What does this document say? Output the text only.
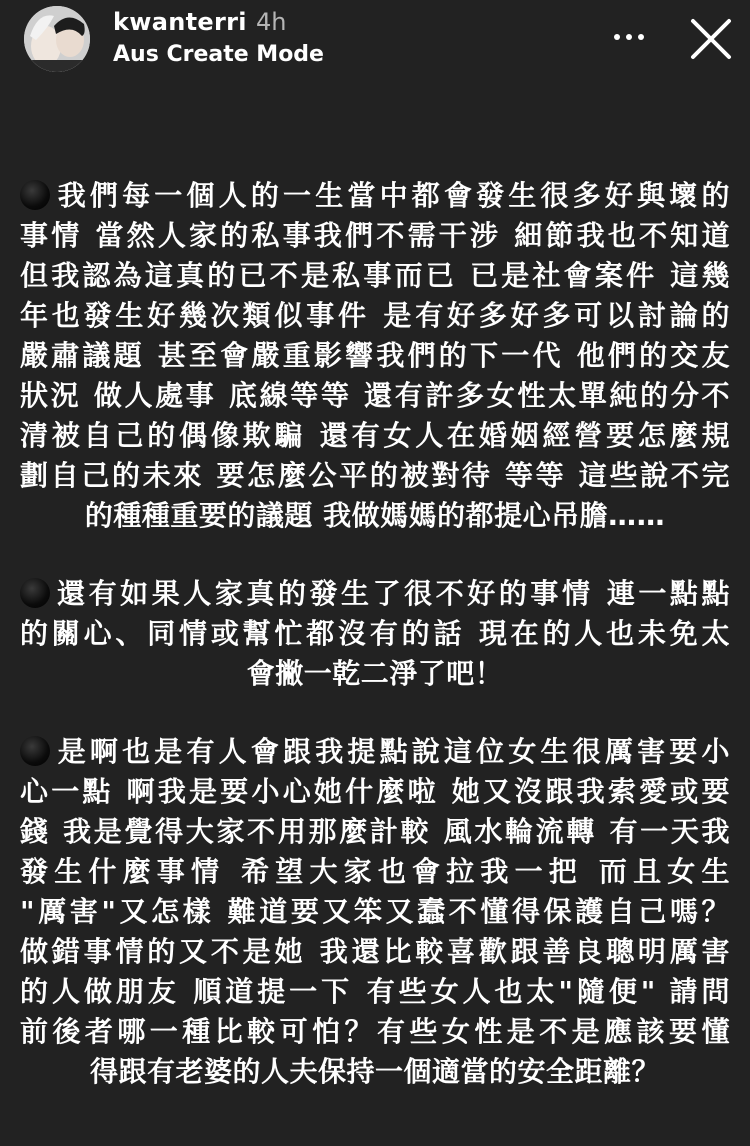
kwanterri 4h
Aus Create Mode
我們每一個人的一生當中都會發生很多好與壞的
事情 當然人家的私事我們不需干涉 細節我也不知道
但我認為這真的已不是私事而已 已是社會案件 這幾
年也發生好幾次類似事件 是有好多好多可以討論的
嚴肅議題 甚至會嚴重影響我們的下一代 他們的交友
狀況 做人處事 底線等等 還有許多女性太單純的分不
清被自己的偶像欺騙 還有女人在婚姻經營要怎麼規
劃自己的未來 要怎麼公平的被對待 等等 這些說不完
的種種重要的議題 我做媽媽的都提心吊膽……
還有如果人家真的發生了很不好的事情 連一點點
的關心、同情或幫忙都沒有的話 現在的人也未免太
會撇一乾二淨了吧！
是啊也是有人會跟我提點說這位女生很厲害要小
心一點 啊我是要小心她什麼啦 她又沒跟我索愛或要
錢 我是覺得大家不用那麼計較 風水輪流轉 有一天我
發生什麼事情 希望大家也會拉我一把 而且女生
"厲害"又怎樣 難道要又笨又蠢不懂得保護自己嗎？
做錯事情的又不是她 我還比較喜歡跟善良聰明厲害
的人做朋友 順道提一下 有些女人也太"隨便" 請問
前後者哪一種比較可怕？有些女性是不是應該要懂
得跟有老婆的人夫保持一個適當的安全距離？
